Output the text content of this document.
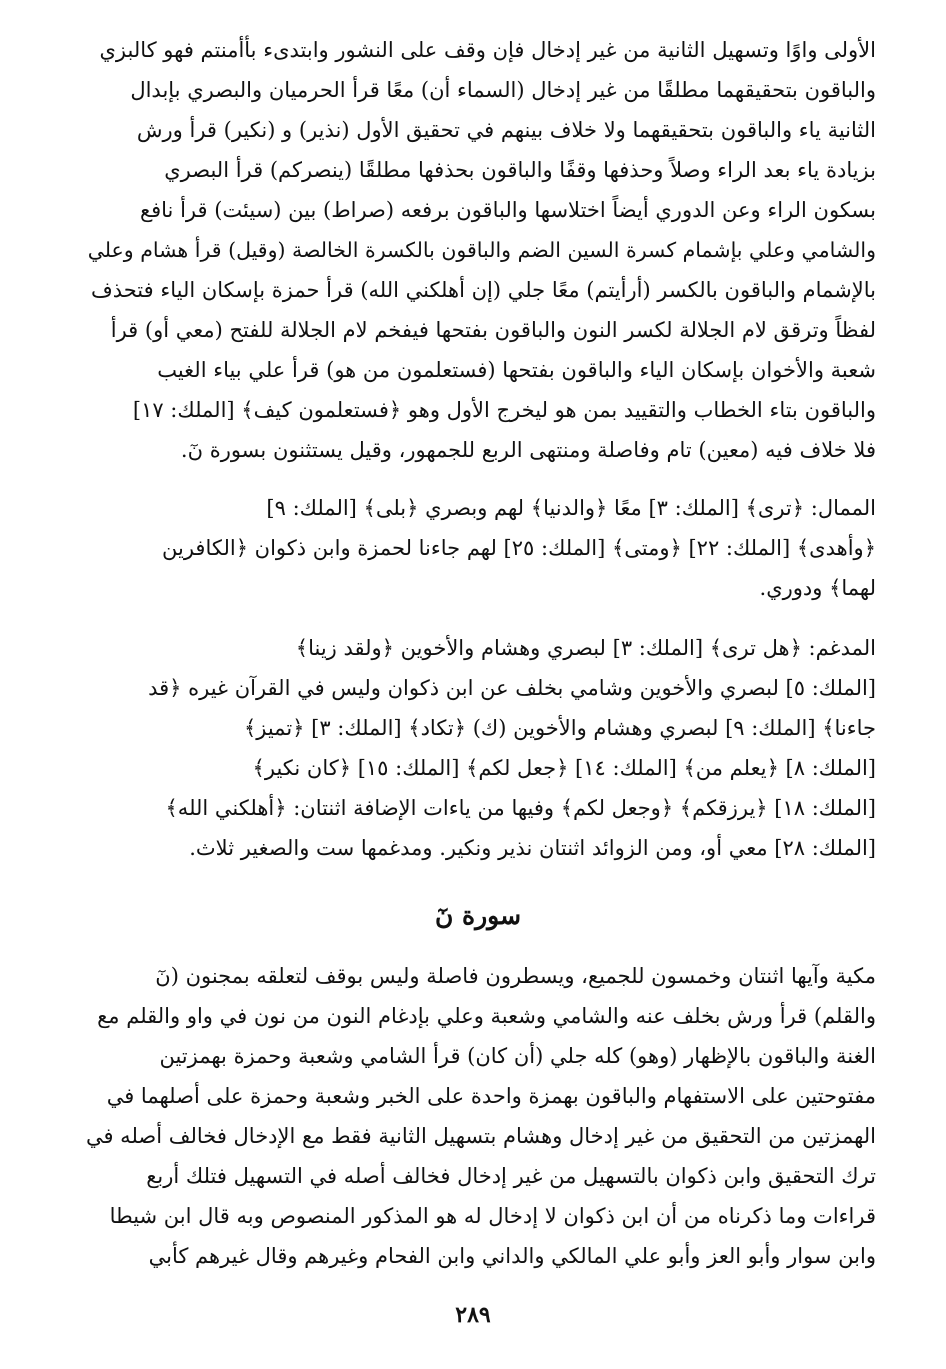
الأولى واوًا وتسهيل الثانية من غير إدخال فإن وقف على النشور وابتدىء بأأمنتم فهو كالبزي
والباقون بتحقيقهما مطلقًا من غير إدخال (السماء أن) معًا قرأ الحرميان والبصري بإبدال
الثانية ياء والباقون بتحقيقهما ولا خلاف بينهم في تحقيق الأول (نذير) و (نكير) قرأ ورش
بزيادة ياء بعد الراء وصلاً وحذفها وقفًا والباقون بحذفها مطلقًا (ينصركم) قرأ البصري
بسكون الراء وعن الدوري أيضاً اختلاسها والباقون برفعه (صراط) بين (سيئت) قرأ نافع
والشامي وعلي بإشمام كسرة السين الضم والباقون بالكسرة الخالصة (وقيل) قرأ هشام وعلي
بالإشمام والباقون بالكسر (أرأيتم) معًا جلي (إن أهلكني الله) قرأ حمزة بإسكان الياء فتحذف
لفظاً وترقق لام الجلالة لكسر النون والباقون بفتحها فيفخم لام الجلالة للفتح (معي أو) قرأ
شعبة والأخوان بإسكان الياء والباقون بفتحها (فستعلمون من هو) قرأ علي بياء الغيب
والباقون بتاء الخطاب والتقييد بمن هو ليخرج الأول وهو ﴿فستعلمون كيف﴾ [الملك: ١٧]
فلا خلاف فيه (معين) تام وفاصلة ومنتهى الربع للجمهور، وقيل يستثنون بسورة نٓ.
الممال: ﴿ترى﴾ [الملك: ٣] معًا ﴿والدنيا﴾ لهم وبصري ﴿بلى﴾ [الملك: ٩]
﴿وأهدى﴾ [الملك: ٢٢] ﴿ومتى﴾ [الملك: ٢٥] لهم جاءنا لحمزة وابن ذكوان ﴿الكافرين
لهما﴾ ودوري.
المدغم: ﴿هل ترى﴾ [الملك: ٣] لبصري وهشام والأخوين ﴿ولقد زينا﴾
[الملك: ٥] لبصري والأخوين وشامي بخلف عن ابن ذكوان وليس في القرآن غيره ﴿قد
جاءنا﴾ [الملك: ٩] لبصري وهشام والأخوين (ك) ﴿تكاد﴾ [الملك: ٣] ﴿تميز﴾
[الملك: ٨] ﴿يعلم من﴾ [الملك: ١٤] ﴿جعل لكم﴾ [الملك: ١٥] ﴿كان نكير﴾
[الملك: ١٨] ﴿يرزقكم﴾ ﴿وجعل لكم﴾ وفيها من ياءات الإضافة اثنتان: ﴿أهلكني الله﴾
[الملك: ٢٨] معي أو، ومن الزوائد اثنتان نذير ونكير. ومدغمها ست والصغير ثلاث.
سورة نٓ
مكية وآيها اثنتان وخمسون للجميع، ويسطرون فاصلة وليس بوقف لتعلقه بمجنون (نٓ
والقلم) قرأ ورش بخلف عنه والشامي وشعبة وعلي بإدغام النون من نون في واو والقلم مع
الغنة والباقون بالإظهار (وهو) كله جلي (أن كان) قرأ الشامي وشعبة وحمزة بهمزتين
مفتوحتين على الاستفهام والباقون بهمزة واحدة على الخبر وشعبة وحمزة على أصلهما في
الهمزتين من التحقيق من غير إدخال وهشام بتسهيل الثانية فقط مع الإدخال فخالف أصله في
ترك التحقيق وابن ذكوان بالتسهيل من غير إدخال فخالف أصله في التسهيل فتلك أربع
قراءات وما ذكرناه من أن ابن ذكوان لا إدخال له هو المذكور المنصوص وبه قال ابن شيطا
وابن سوار وأبو العز وأبو علي المالكي والداني وابن الفحام وغيرهم وقال غيرهم كأبي
٢٨٩
